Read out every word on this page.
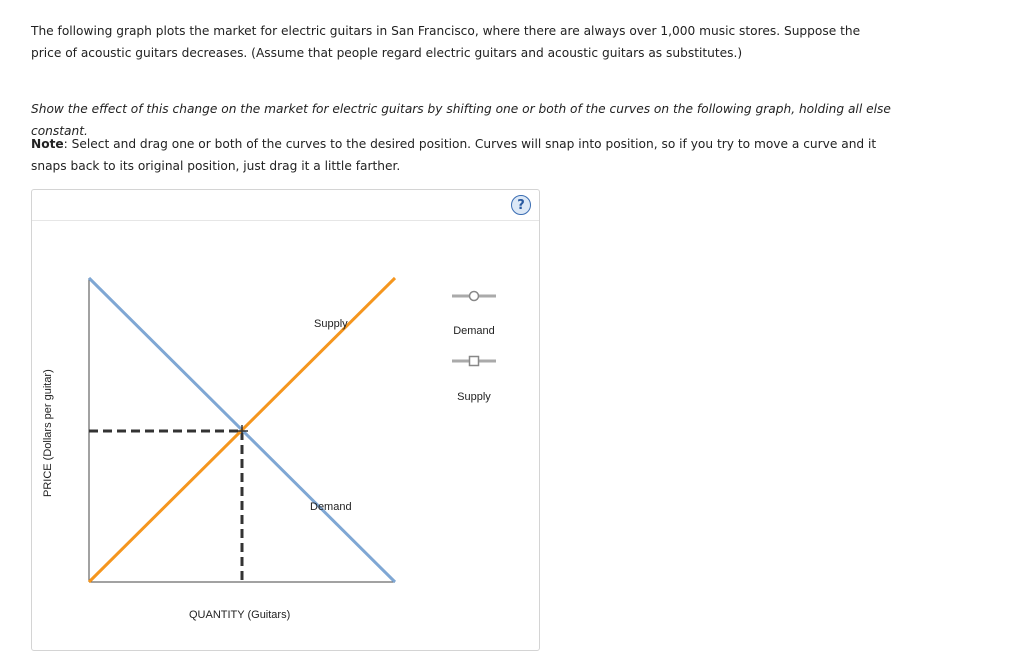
The following graph plots the market for electric guitars in San Francisco, where there are always over 1,000 music stores. Suppose the price of acoustic guitars decreases. (Assume that people regard electric guitars and acoustic guitars as substitutes.)

Show the effect of this change on the market for electric guitars by shifting one or both of the curves on the following graph, holding all else constant.

Note: Select and drag one or both of the curves to the desired position. Curves will snap into position, so if you try to move a curve and it snaps back to its original position, just drag it a little farther.

?
PRICE (Dollars per guitar)
Supply
Demand
QUANTITY (Guitars)
Demand
Supply
